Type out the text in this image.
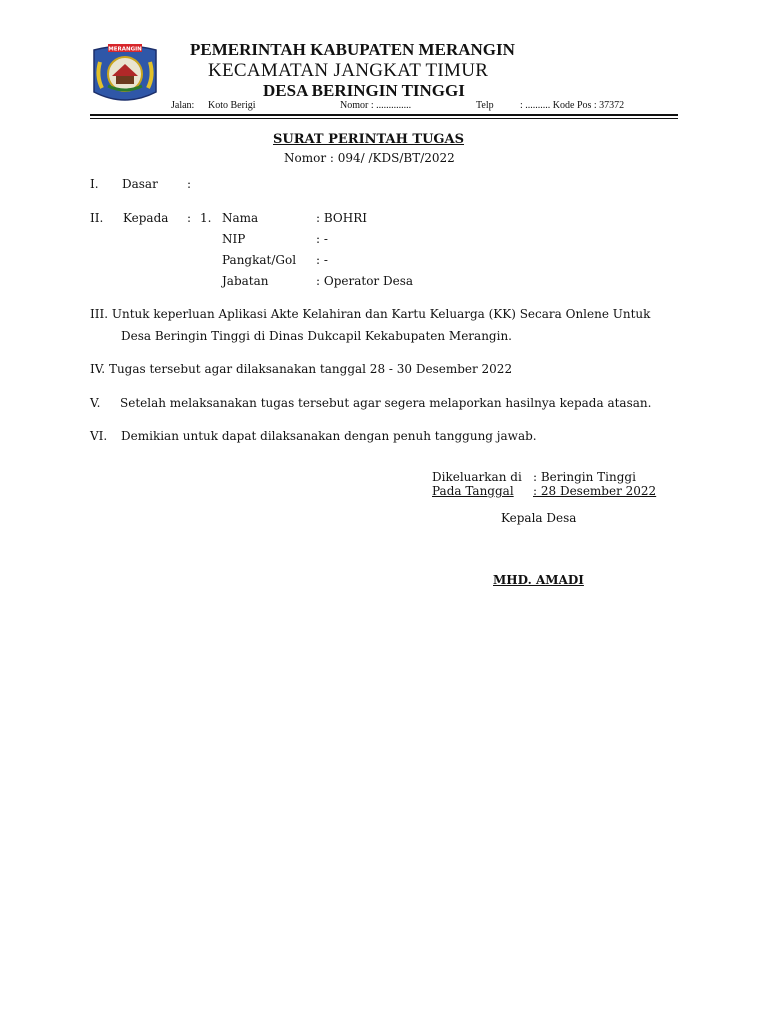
MERANGIN	PEMERINTAH KABUPATEN MERANGIN
KECAMATAN JANGKAT TIMUR
DESA BERINGIN TINGGI
Jalan: Koto Berigi	Nomor : ..............	Telp	: .......... Kode Pos : 37372
SURAT PERINTAH TUGAS
Nomor : 094/ /KDS/BT/2022
I. Dasar :
II. Kepada : 1. Nama	: BOHRI
NIP	: -
Pangkat/Gol : -
Jabatan	: Operator Desa
III. Untuk keperluan Aplikasi Akte Kelahiran dan Kartu Keluarga (KK) Secara Onlene Untuk
Desa Beringin Tinggi di Dinas Dukcapil Kekabupaten Merangin.
IV. Tugas tersebut agar dilaksanakan tanggal 28 - 30 Desember 2022
V. Setelah melaksanakan tugas tersebut agar segera melaporkan hasilnya kepada atasan.
VI. Demikian untuk dapat dilaksanakan dengan penuh tanggung jawab.
Dikeluarkan di : Beringin Tinggi
Pada Tanggal : 28 Desember 2022
Kepala Desa
MHD. AMADI
